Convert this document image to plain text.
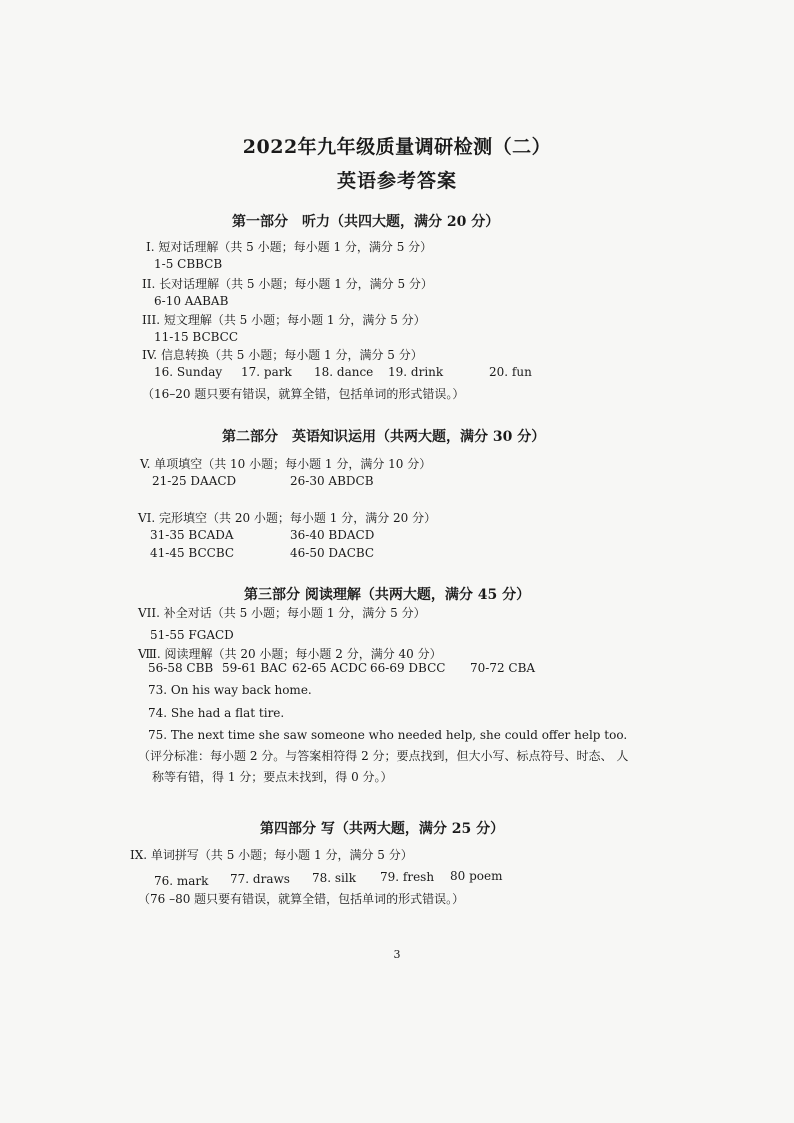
2022年九年级质量调研检测（二）
英语参考答案
第一部分　听力（共四大题，满分 20 分）
I. 短对话理解（共 5 小题；每小题 1 分，满分 5 分）
1-5 CBBCB
II. 长对话理解（共 5 小题；每小题 1 分，满分 5 分）
6-10 AABAB
III. 短文理解（共 5 小题；每小题 1 分，满分 5 分）
11-15 BCBCC
IV. 信息转换（共 5 小题；每小题 1 分，满分 5 分）
16. Sunday 17. park 18. dance 19. drink	20. fun
（16–20 题只要有错误，就算全错，包括单词的形式错误。）
第二部分　英语知识运用（共两大题，满分 30 分）
V. 单项填空（共 10 小题；每小题 1 分，满分 10 分）
21-25 DAACD	26-30 ABDCB
VI. 完形填空（共 20 小题；每小题 1 分，满分 20 分）
31-35 BCADA	36-40 BDACD
41-45 BCCBC	46-50 DACBC
第三部分 阅读理解（共两大题，满分 45 分）
VII. 补全对话（共 5 小题；每小题 1 分，满分 5 分）
51-55 FGACD
Ⅷ. 阅读理解（共 20 小题；每小题 2 分，满分 40 分）
56-58 CBB 59-61 BAC 62-65 ACDC 66-69 DBCC 70-72 CBA
73. On his way back home.
74. She had a flat tire.
75. The next time she saw someone who needed help, she could offer help too.
（评分标准：每小题 2 分。与答案相符得 2 分；要点找到，但大小写、标点符号、时态、 人
称等有错，得 1 分；要点未找到，得 0 分。）
第四部分 写（共两大题，满分 25 分）
IX. 单词拼写（共 5 小题；每小题 1 分，满分 5 分）
76. mark 77. draws 78. silk 79. fresh 80 poem
（76 –80 题只要有错误，就算全错，包括单词的形式错误。）
3
